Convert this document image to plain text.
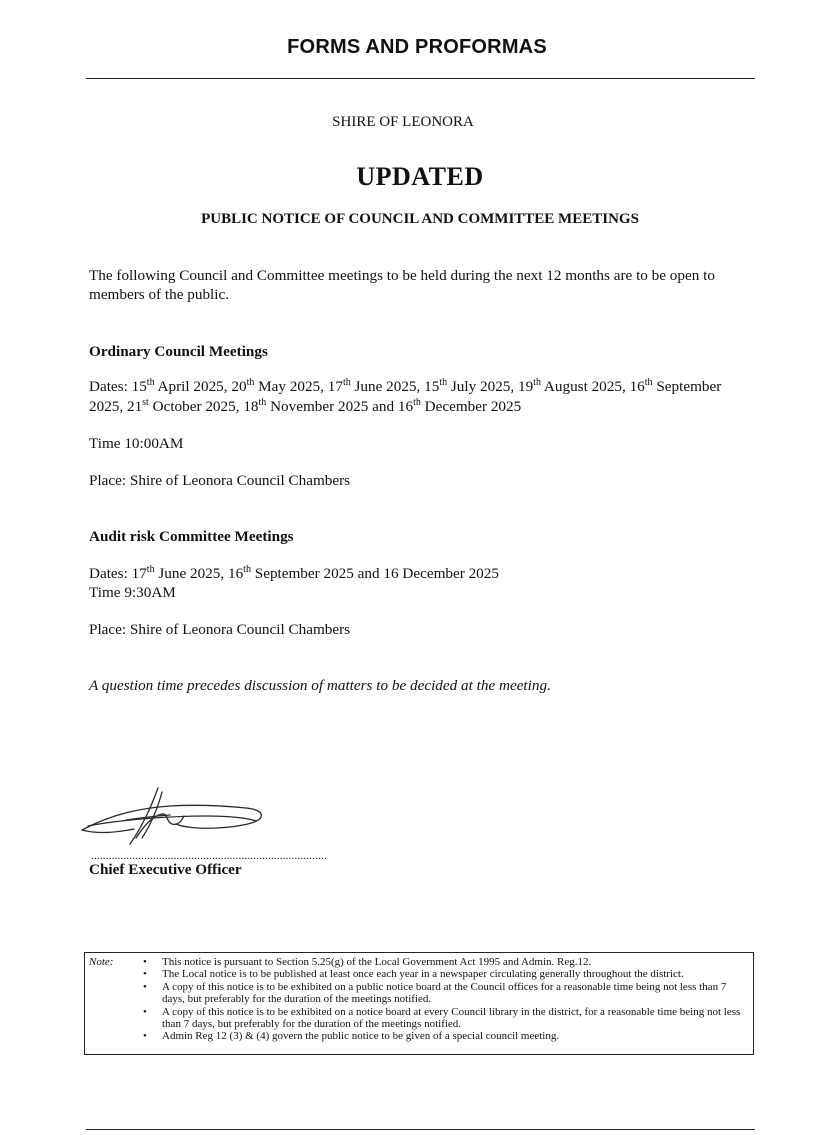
FORMS AND PROFORMAS
SHIRE OF LEONORA
UPDATED
PUBLIC NOTICE OF COUNCIL AND COMMITTEE MEETINGS
The following Council and Committee meetings to be held during the next 12 months are to be open to members of the public.
Ordinary Council Meetings
Dates: 15th April 2025, 20th May 2025, 17th June 2025, 15th July 2025, 19th August 2025, 16th September 2025, 21st October 2025, 18th November 2025 and 16th December 2025
Time 10:00AM
Place: Shire of Leonora Council Chambers
Audit risk Committee Meetings
Dates: 17th June 2025, 16th September 2025 and 16 December 2025
Time 9:30AM
Place: Shire of Leonora Council Chambers
A question time precedes discussion of matters to be decided at the meeting.
................................................................................
Chief Executive Officer
Note:	• This notice is pursuant to Section 5.25(g) of the Local Government Act 1995 and Admin. Reg.12.
• The Local notice is to be published at least once each year in a newspaper circulating generally throughout the district.
• A copy of this notice is to be exhibited on a public notice board at the Council offices for a reasonable time being not less than 7 days, but preferably for the duration of the meetings notified.
• A copy of this notice is to be exhibited on a notice board at every Council library in the district, for a reasonable time being not less than 7 days, but preferably for the duration of the meetings notified.
• Admin Reg 12 (3) & (4) govern the public notice to be given of a special council meeting.
